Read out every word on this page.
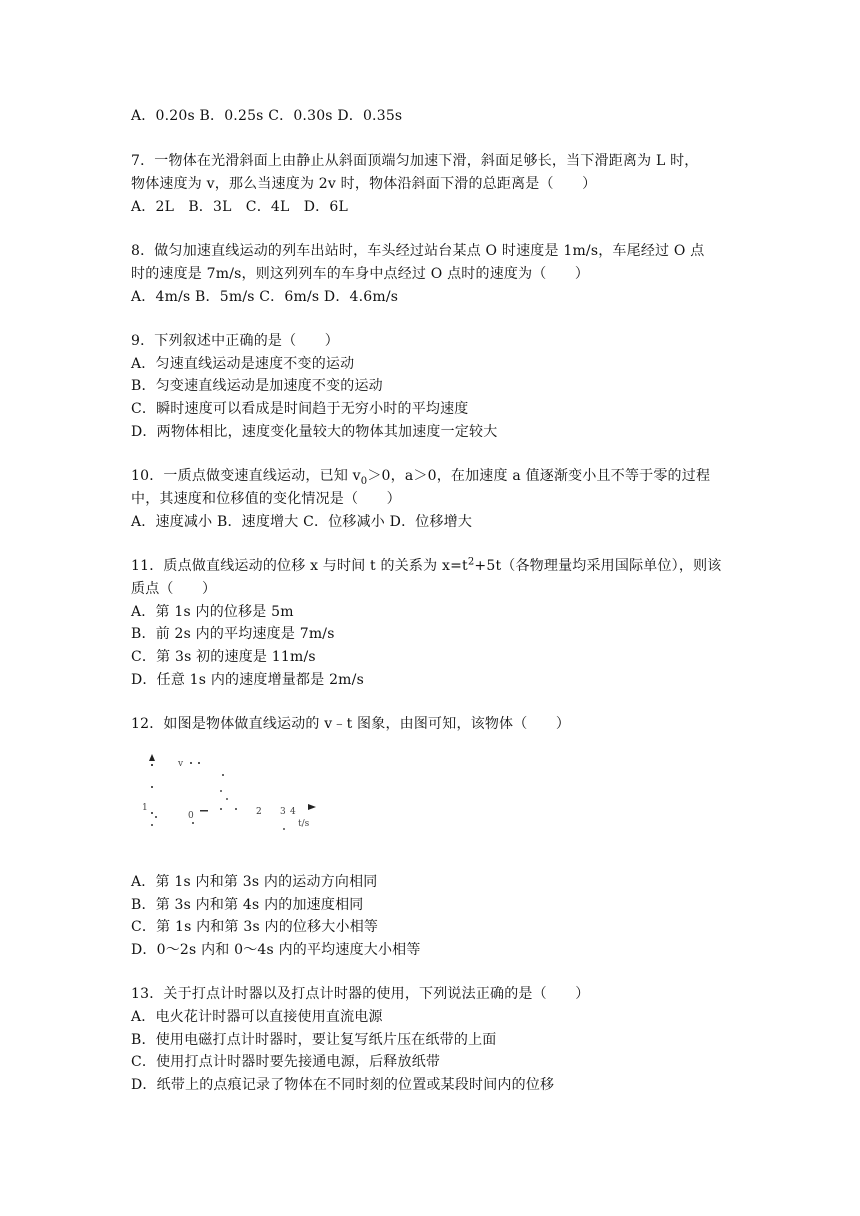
A．0.20s B．0.25s C．0.30s D．0.35s
7．一物体在光滑斜面上由静止从斜面顶端匀加速下滑，斜面足够长，当下滑距离为 L 时，
物体速度为 v，那么当速度为 2v 时，物体沿斜面下滑的总距离是（　　）
A．2L　B．3L　C．4L　D．6L
8．做匀加速直线运动的列车出站时，车头经过站台某点 O 时速度是 1m/s，车尾经过 O 点
时的速度是 7m/s，则这列列车的车身中点经过 O 点时的速度为（　　）
A．4m/s B．5m/s C．6m/s D．4.6m/s
9．下列叙述中正确的是（　　）
A．匀速直线运动是速度不变的运动
B．匀变速直线运动是加速度不变的运动
C．瞬时速度可以看成是时间趋于无穷小时的平均速度
D．两物体相比，速度变化量较大的物体其加速度一定较大
10．一质点做变速直线运动，已知 $v_0>0$，a＞0，在加速度 a 值逐渐变小且不等于零的过程
中，其速度和位移值的变化情况是（　　）
A．速度减小 B．速度增大 C．位移减小 D．位移增大
11．质点做直线运动的位移 x 与时间 t 的关系为 $x=t^2+5t$（各物理量均采用国际单位），则该
质点（　　）
A．第 1s 内的位移是 5m
B．前 2s 内的平均速度是 7m/s
C．第 3s 初的速度是 11m/s
D．任意 1s 内的速度增量都是 2m/s
12．如图是物体做直线运动的 v﹣t 图象，由图可知，该物体（　　）
v
1
0	2 3 4
t/s
A．第 1s 内和第 3s 内的运动方向相同
B．第 3s 内和第 4s 内的加速度相同
C．第 1s 内和第 3s 内的位移大小相等
D．0～2s 内和 0～4s 内的平均速度大小相等
13．关于打点计时器以及打点计时器的使用，下列说法正确的是（　　）
A．电火花计时器可以直接使用直流电源
B．使用电磁打点计时器时，要让复写纸片压在纸带的上面
C．使用打点计时器时要先接通电源，后释放纸带
D．纸带上的点痕记录了物体在不同时刻的位置或某段时间内的位移
